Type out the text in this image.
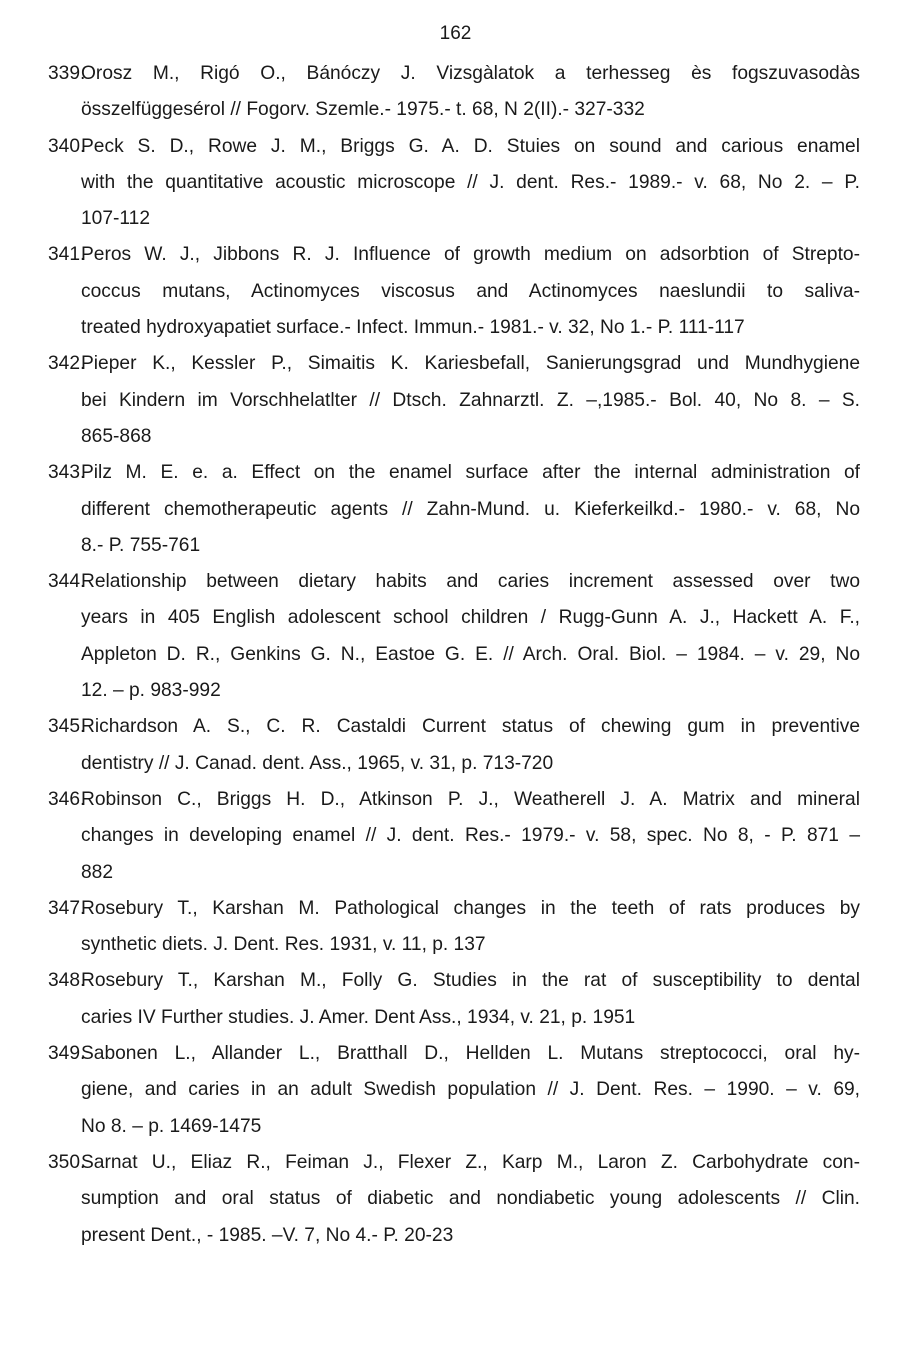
162
339.
Orosz M., Rigó O., Bánóczy J. Vizsgàlatok a terhesseg ès fogszuvasodàs
összelfüggesérol // Fogorv. Szemle.- 1975.- t. 68, N 2(II).- 327-332
340.
Peck S. D., Rowe J. M., Briggs G. A. D. Stuies on sound and carious enamel
with the quantitative acoustic microscope // J. dent. Res.- 1989.- v. 68, No 2. – P.
107-112
341.
Peros W. J., Jibbons R. J. Influence of growth medium on adsorbtion of Strepto-
coccus mutans, Actinomyces viscosus and Actinomyces naeslundii to saliva-
treated hydroxyapatiet surface.- Infect. Immun.- 1981.- v. 32, No 1.- P. 111-117
342.
Pieper K., Kessler P., Simaitis K. Kariesbefall, Sanierungsgrad und Mundhygiene
bei Kindern im Vorschhelatlter // Dtsch. Zahnarztl. Z. –,1985.- Bol. 40, No 8. – S.
865-868
343.
Pilz M. E. e. a. Effect on the enamel surface after the internal administration of
different chemotherapeutic agents // Zahn-Mund. u. Kieferkeilkd.- 1980.- v. 68, No
8.- P. 755-761
344.
Relationship between dietary habits and caries increment assessed over two
years in 405 English adolescent school children / Rugg-Gunn A. J., Hackett A. F.,
Appleton D. R., Genkins G. N., Eastoe G. E. // Arch. Oral. Biol. – 1984. – v. 29, No
12. – p. 983-992
345.
Richardson A. S., C. R. Castaldi Current status of chewing gum in preventive
dentistry // J. Canad. dent. Ass., 1965, v. 31, p. 713-720
346.
Robinson C., Briggs H. D., Atkinson P. J., Weatherell J. A. Matrix and mineral
changes in developing enamel // J. dent. Res.- 1979.- v. 58, spec. No 8, - P. 871 –
882
347.
Rosebury T., Karshan M. Pathological changes in the teeth of rats produces by
synthetic diets. J. Dent. Res. 1931, v. 11, p. 137
348.
Rosebury T., Karshan M., Folly G. Studies in the rat of susceptibility to dental
caries IV Further studies. J. Amer. Dent Ass., 1934, v. 21, p. 1951
349.
Sabonen L., Allander L., Bratthall D., Hellden L. Mutans streptococci, oral hy-
giene, and caries in an adult Swedish population // J. Dent. Res. – 1990. – v. 69,
No 8. – p. 1469-1475
350.
Sarnat U., Eliaz R., Feiman J., Flexer Z., Karp M., Laron Z. Carbohydrate con-
sumption and oral status of diabetic and nondiabetic young adolescents // Clin.
present Dent., - 1985. –V. 7, No 4.- P. 20-23
